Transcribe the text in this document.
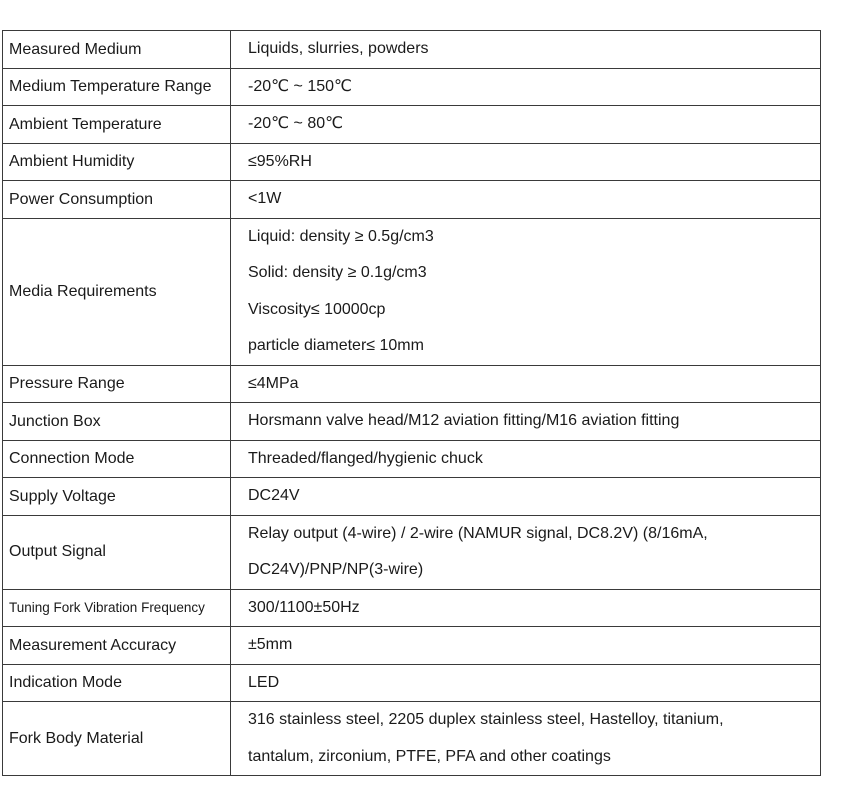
Measured Medium	Liquids, slurries, powders

Medium Temperature Range	-20℃ ~ 150℃

Ambient Temperature	-20℃ ~ 80℃

Ambient Humidity	≤95%RH

Power Consumption	<1W

Media Requirements	Liquid: density ≥ 0.5g/cm3
Solid: density ≥ 0.1g/cm3
Viscosity≤ 10000cp
particle diameter≤ 10mm

Pressure Range	≤4MPa

Junction Box	Horsmann valve head/M12 aviation fitting/M16 aviation fitting

Connection Mode	Threaded/flanged/hygienic chuck

Supply Voltage	DC24V

Output Signal	Relay output (4-wire) / 2-wire (NAMUR signal, DC8.2V) (8/16mA,
DC24V)/PNP/NP(3-wire)

Tuning Fork Vibration Frequency	300/1100±50Hz

Measurement Accuracy	±5mm

Indication Mode	LED

Fork Body Material	316 stainless steel, 2205 duplex stainless steel, Hastelloy, titanium,
tantalum, zirconium, PTFE, PFA and other coatings
